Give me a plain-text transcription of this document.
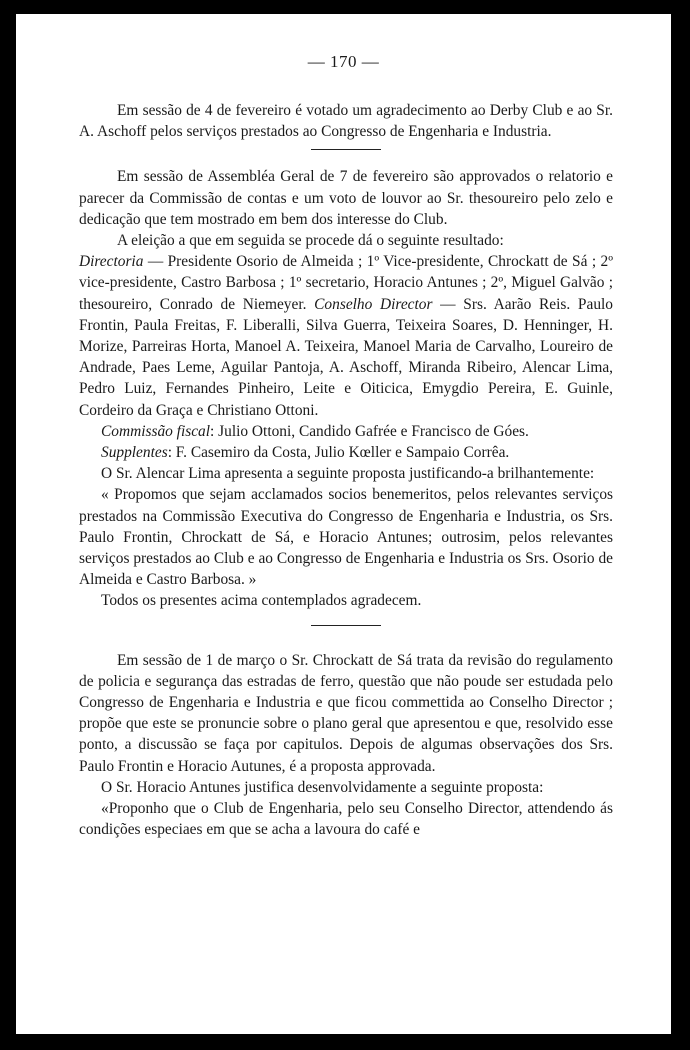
— 170 —

Em sessão de 4 de fevereiro é votado um agradecimento ao Derby Club e ao Sr. A. Aschoff pelos serviços prestados ao Congresso de Engenharia e Industria.

Em sessão de Assembléa Geral de 7 de fevereiro são approvados o relatorio e parecer da Commissão de contas e um voto de louvor ao Sr. thesoureiro pelo zelo e dedicação que tem mostrado em bem dos interesse do Club.

A eleição a que em seguida se procede dá o seguinte resultado:

Directoria — Presidente Osorio de Almeida ; 1º Vice-presidente, Chrockatt de Sá ; 2º vice-presidente, Castro Barbosa ; 1º secretario, Horacio Antunes ; 2º, Miguel Galvão ; thesoureiro, Conrado de Niemeyer. Conselho Director — Srs. Aarão Reis. Paulo Frontin, Paula Freitas, F. Liberalli, Silva Guerra, Teixeira Soares, D. Henninger, H. Morize, Parreiras Horta, Manoel A. Teixeira, Manoel Maria de Carvalho, Loureiro de Andrade, Paes Leme, Aguilar Pantoja, A. Aschoff, Miranda Ribeiro, Alencar Lima, Pedro Luiz, Fernandes Pinheiro, Leite e Oiticica, Emygdio Pereira, E. Guinle, Cordeiro da Graça e Christiano Ottoni.

Commissão fiscal: Julio Ottoni, Candido Gafrée e Francisco de Góes.

Supplentes: F. Casemiro da Costa, Julio Kœller e Sampaio Corrêa.

O Sr. Alencar Lima apresenta a seguinte proposta justificando-a brilhantemente:

« Propomos que sejam acclamados socios benemeritos, pelos relevantes serviços prestados na Commissão Executiva do Congresso de Engenharia e Industria, os Srs. Paulo Frontin, Chrockatt de Sá, e Horacio Antunes; outrosim, pelos relevantes serviços prestados ao Club e ao Congresso de Engenharia e Industria os Srs. Osorio de Almeida e Castro Barbosa. »

Todos os presentes acima contemplados agradecem.

Em sessão de 1 de março o Sr. Chrockatt de Sá trata da revisão do regulamento de policia e segurança das estradas de ferro, questão que não poude ser estudada pelo Congresso de Engenharia e Industria e que ficou commettida ao Conselho Director ; propõe que este se pronuncie sobre o plano geral que apresentou e que, resolvido esse ponto, a discussão se faça por capitulos. Depois de algumas observações dos Srs. Paulo Frontin e Horacio Autunes, é a proposta approvada.

O Sr. Horacio Antunes justifica desenvolvidamente a seguinte proposta:

«Proponho que o Club de Engenharia, pelo seu Conselho Director, attendendo ás condições especiaes em que se acha a lavoura do café e
